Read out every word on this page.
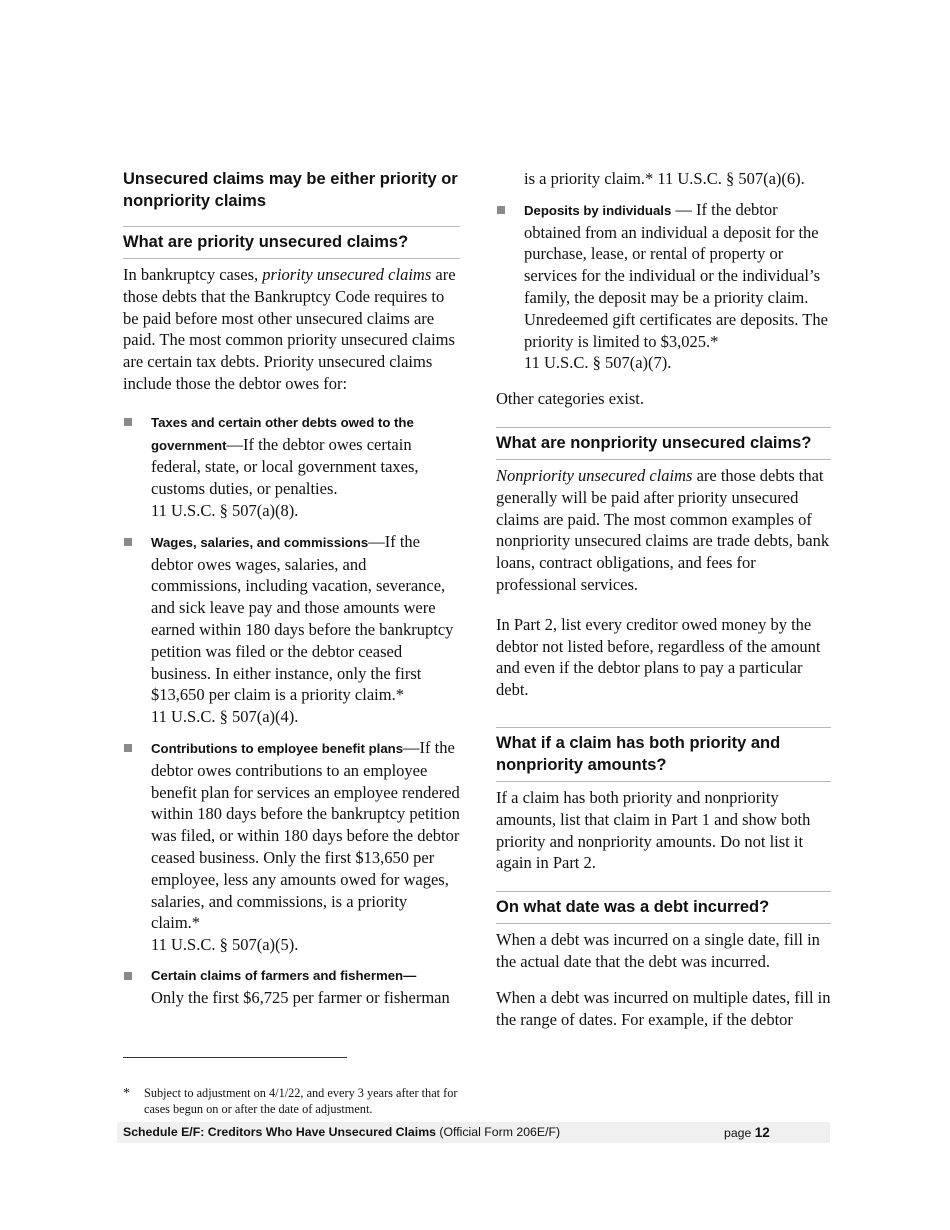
Unsecured claims may be either priority or nonpriority claims
What are priority unsecured claims?

In bankruptcy cases, priority unsecured claims are those debts that the Bankruptcy Code requires to be paid before most other unsecured claims are paid. The most common priority unsecured claims are certain tax debts. Priority unsecured claims include those the debtor owes for:

Taxes and certain other debts owed to the government—If the debtor owes certain federal, state, or local government taxes, customs duties, or penalties.
11 U.S.C. § 507(a)(8).
Wages, salaries, and commissions—If the debtor owes wages, salaries, and commissions, including vacation, severance, and sick leave pay and those amounts were earned within 180 days before the bankruptcy petition was filed or the debtor ceased business. In either instance, only the first $13,650 per claim is a priority claim.*
11 U.S.C. § 507(a)(4).
Contributions to employee benefit plans—If the debtor owes contributions to an employee benefit plan for services an employee rendered within 180 days before the bankruptcy petition was filed, or within 180 days before the debtor ceased business. Only the first $13,650 per employee, less any amounts owed for wages, salaries, and commissions, is a priority claim.*
11 U.S.C. § 507(a)(5).
Certain claims of farmers and fishermen—
Only the first $6,725 per farmer or fisherman

is a priority claim.* 11 U.S.C. § 507(a)(6).

Deposits by individuals — If the debtor obtained from an individual a deposit for the purchase, lease, or rental of property or services for the individual or the individual’s family, the deposit may be a priority claim. Unredeemed gift certificates are deposits. The priority is limited to $3,025.*
11 U.S.C. § 507(a)(7).

Other categories exist.

What are nonpriority unsecured claims?

Nonpriority unsecured claims are those debts that generally will be paid after priority unsecured claims are paid. The most common examples of nonpriority unsecured claims are trade debts, bank loans, contract obligations, and fees for professional services.

In Part 2, list every creditor owed money by the debtor not listed before, regardless of the amount and even if the debtor plans to pay a particular debt.

What if a claim has both priority and nonpriority amounts?

If a claim has both priority and nonpriority amounts, list that claim in Part 1 and show both priority and nonpriority amounts. Do not list it again in Part 2.

On what date was a debt incurred?

When a debt was incurred on a single date, fill in the actual date that the debt was incurred.

When a debt was incurred on multiple dates, fill in the range of dates. For example, if the debtor

*	Subject to adjustment on 4/1/22, and every 3 years after that for cases begun on or after the date of adjustment.
Schedule E/F: Creditors Who Have Unsecured Claims (Official Form 206E/F)	page 12
